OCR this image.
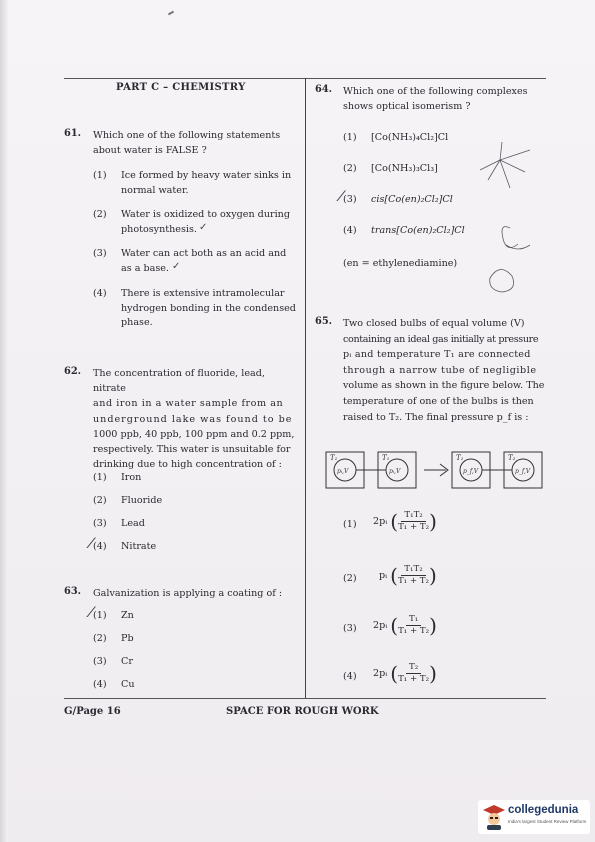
PART C – CHEMISTRY
61. Which one of the following statements
about water is FALSE ?
(1) Ice formed by heavy water sinks in
normal water.
(2) Water is oxidized to oxygen during
photosynthesis. ✓
(3) Water can act both as an acid and
as a base. ✓
(4) There is extensive intramolecular
hydrogen bonding in the condensed
phase.
62. The concentration of fluoride, lead, nitrate
and iron in a water sample from an
underground lake was found to be
1000 ppb, 40 ppb, 100 ppm and 0.2 ppm,
respectively. This water is unsuitable for
drinking due to high concentration of :
(1) Iron
(2) Fluoride
(3) Lead
(4) Nitrate
⁄
63. Galvanization is applying a coating of :
(1) Zn
⁄
(2) Pb
(3) Cr
(4) Cu
64. Which one of the following complexes
shows optical isomerism ?
(1) [Co(NH₃)₄Cl₂]Cl
(2) [Co(NH₃)₃Cl₃]
(3) cis[Co(en)₂Cl₂]Cl
⁄
(4) trans[Co(en)₂Cl₂]Cl
(en = ethylenediamine)
65. Two closed bulbs of equal volume (V)
containing an ideal gas initially at pressure
pᵢ and temperature T₁ are connected
through a narrow tube of negligible
volume as shown in the figure below. The
temperature of one of the bulbs is then
raised to T₂. The final pressure p_f is :
T₁	T₁	T₁	T₂
pᵢ,V	pᵢ,V	p_f,V	p_f,V
(1) 2pᵢ ( $\frac{\text{T₁T₂}}{\text{T₁ + T₂}}$ )
(2)	pᵢ ( $\frac{\text{T₁T₂}}{\text{T₁ + T₂}}$ )
(3) 2pᵢ ( $\frac{\text{T₁}}{\text{T₁ + T₂}}$ )
(4) 2pᵢ ( $\frac{\text{T₂}}{\text{T₁ + T₂}}$ )
G/Page 16	SPACE FOR ROUGH WORK
collegedunia
India's largest Student Review Platform
